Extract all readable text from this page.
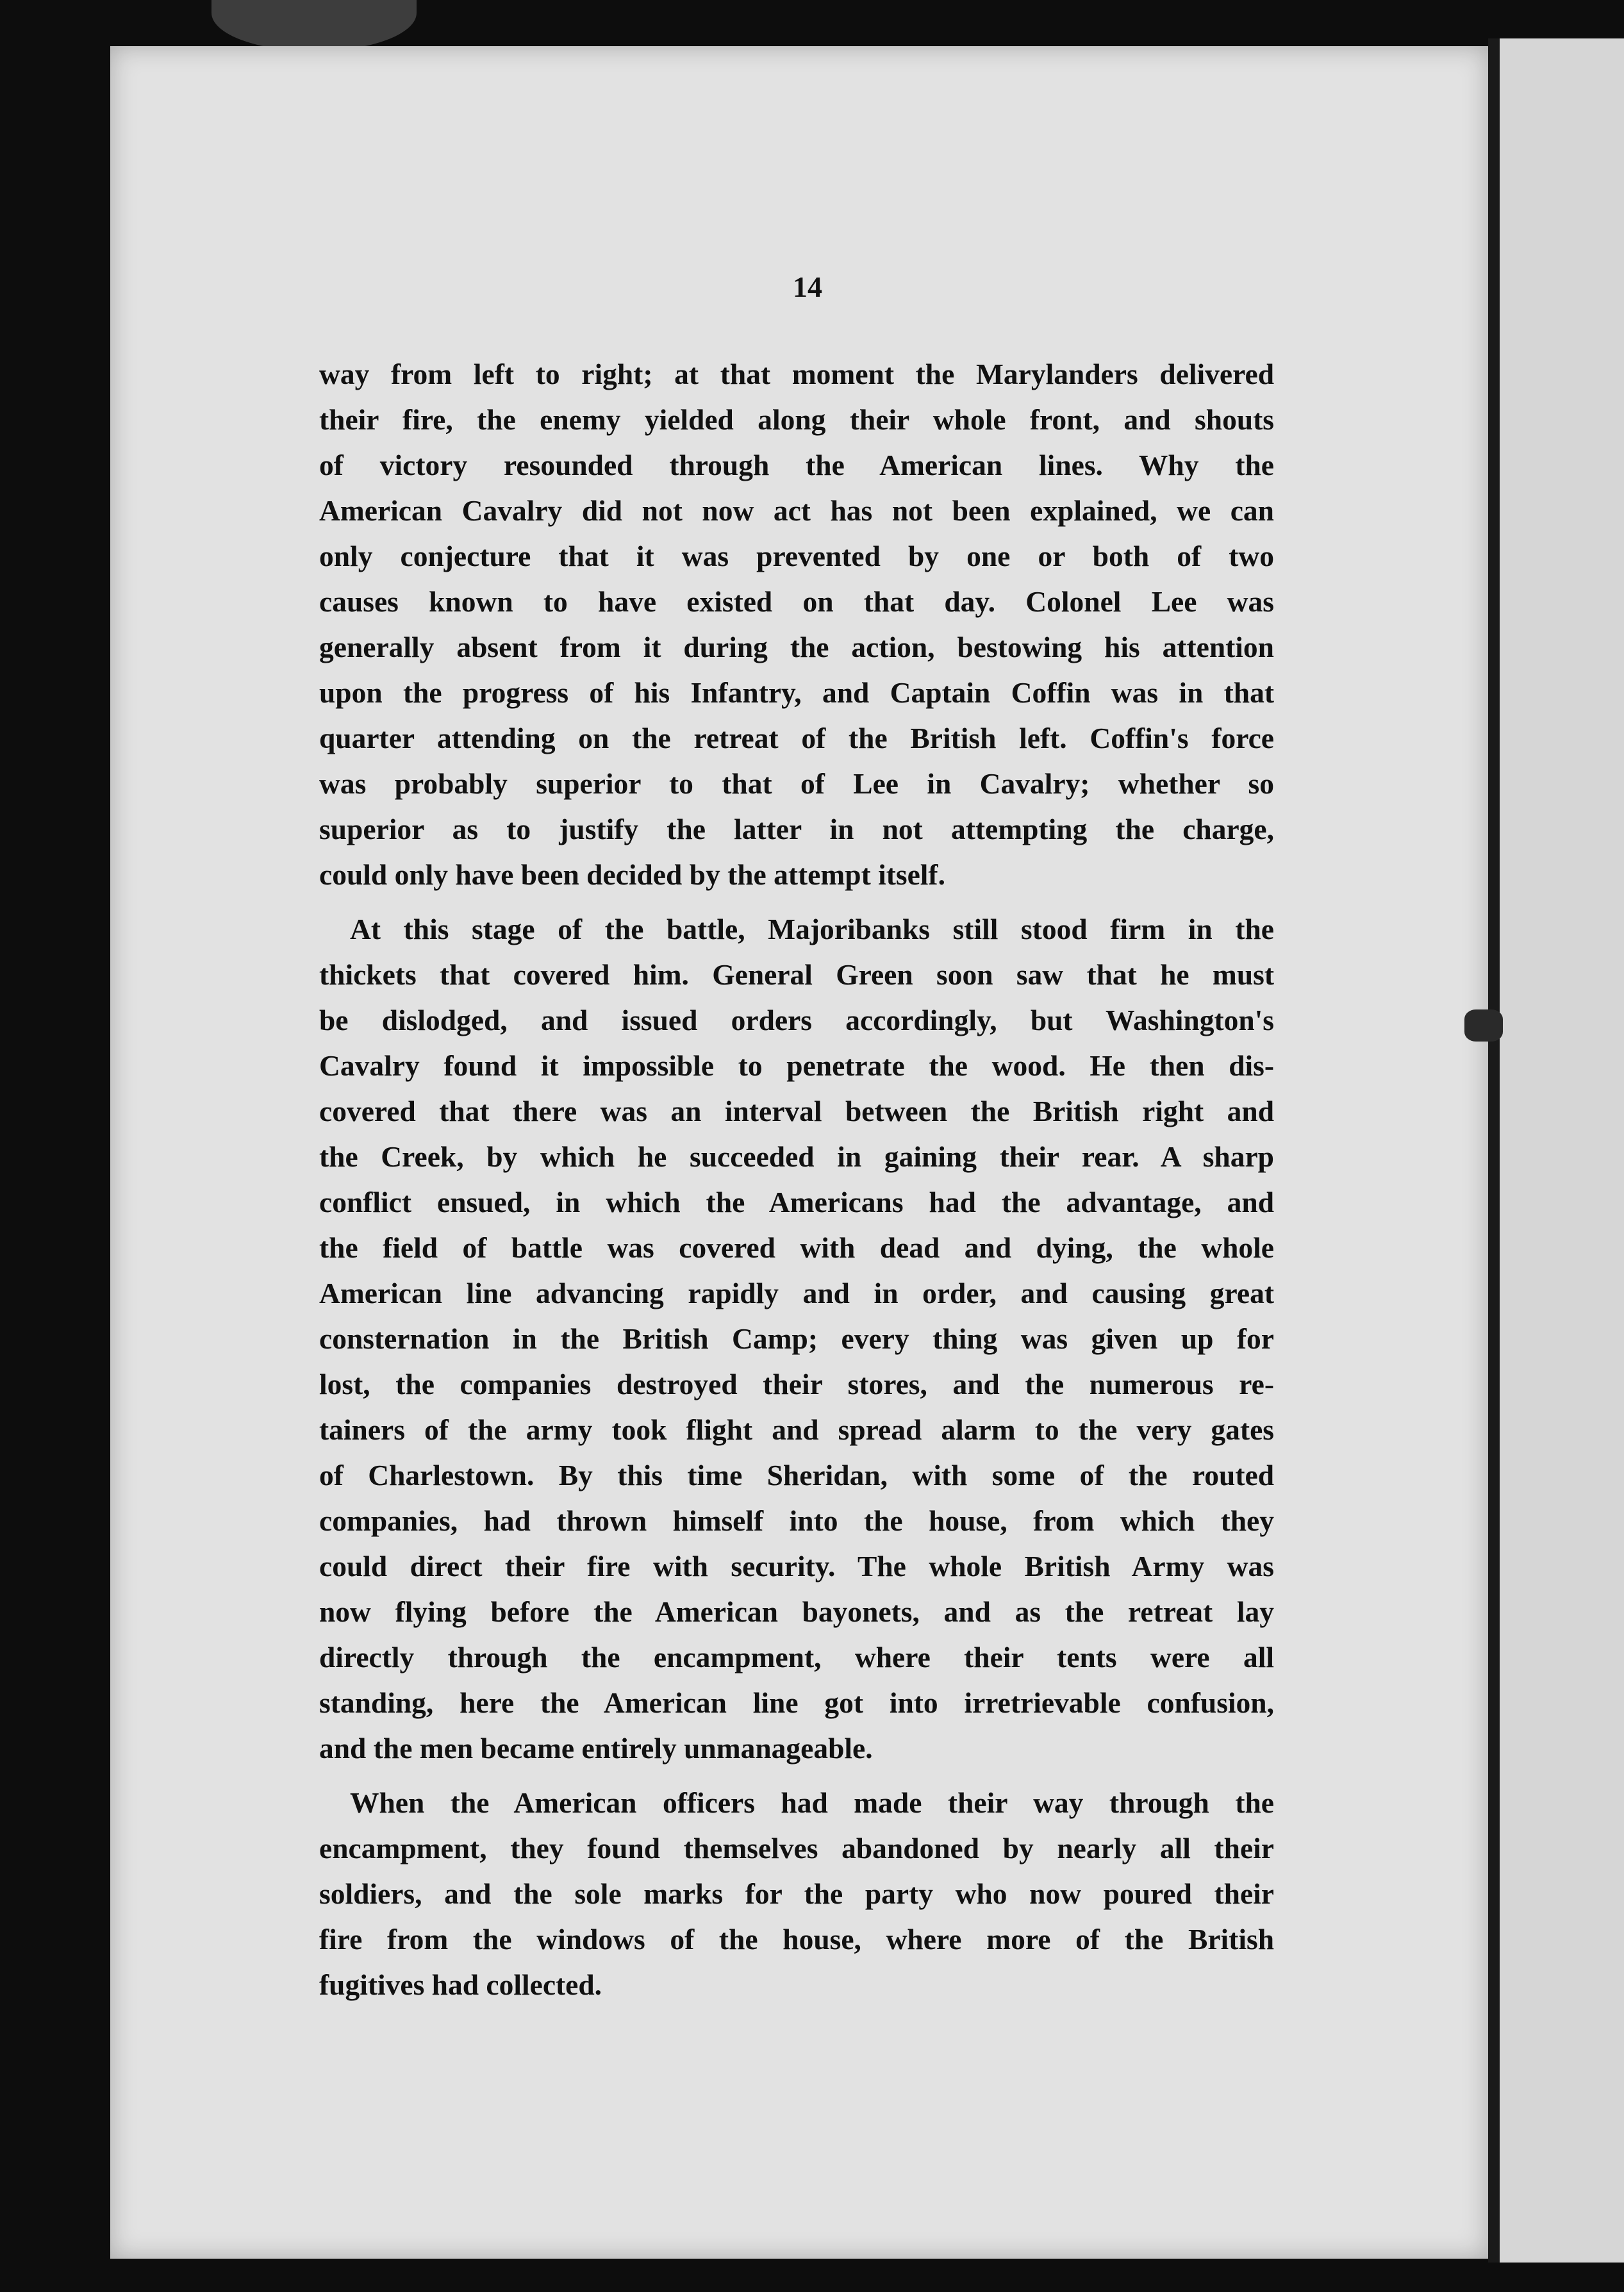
14
way from left to right; at that moment the Marylanders delivered
their fire, the enemy yielded along their whole front, and shouts
of victory resounded through the American lines. Why the
American Cavalry did not now act has not been explained, we can
only conjecture that it was prevented by one or both of two
causes known to have existed on that day. Colonel Lee was
generally absent from it during the action, bestowing his attention
upon the progress of his Infantry, and Captain Coffin was in that
quarter attending on the retreat of the British left. Coffin's force
was probably superior to that of Lee in Cavalry; whether so
superior as to justify the latter in not attempting the charge,
could only have been decided by the attempt itself.
At this stage of the battle, Majoribanks still stood firm in the
thickets that covered him. General Green soon saw that he must
be dislodged, and issued orders accordingly, but Washington's
Cavalry found it impossible to penetrate the wood. He then dis-
covered that there was an interval between the British right and
the Creek, by which he succeeded in gaining their rear. A sharp
conflict ensued, in which the Americans had the advantage, and
the field of battle was covered with dead and dying, the whole
American line advancing rapidly and in order, and causing great
consternation in the British Camp; every thing was given up for
lost, the companies destroyed their stores, and the numerous re-
tainers of the army took flight and spread alarm to the very gates
of Charlestown. By this time Sheridan, with some of the routed
companies, had thrown himself into the house, from which they
could direct their fire with security. The whole British Army was
now flying before the American bayonets, and as the retreat lay
directly through the encampment, where their tents were all
standing, here the American line got into irretrievable confusion,
and the men became entirely unmanageable.
When the American officers had made their way through the
encampment, they found themselves abandoned by nearly all their
soldiers, and the sole marks for the party who now poured their
fire from the windows of the house, where more of the British
fugitives had collected.
